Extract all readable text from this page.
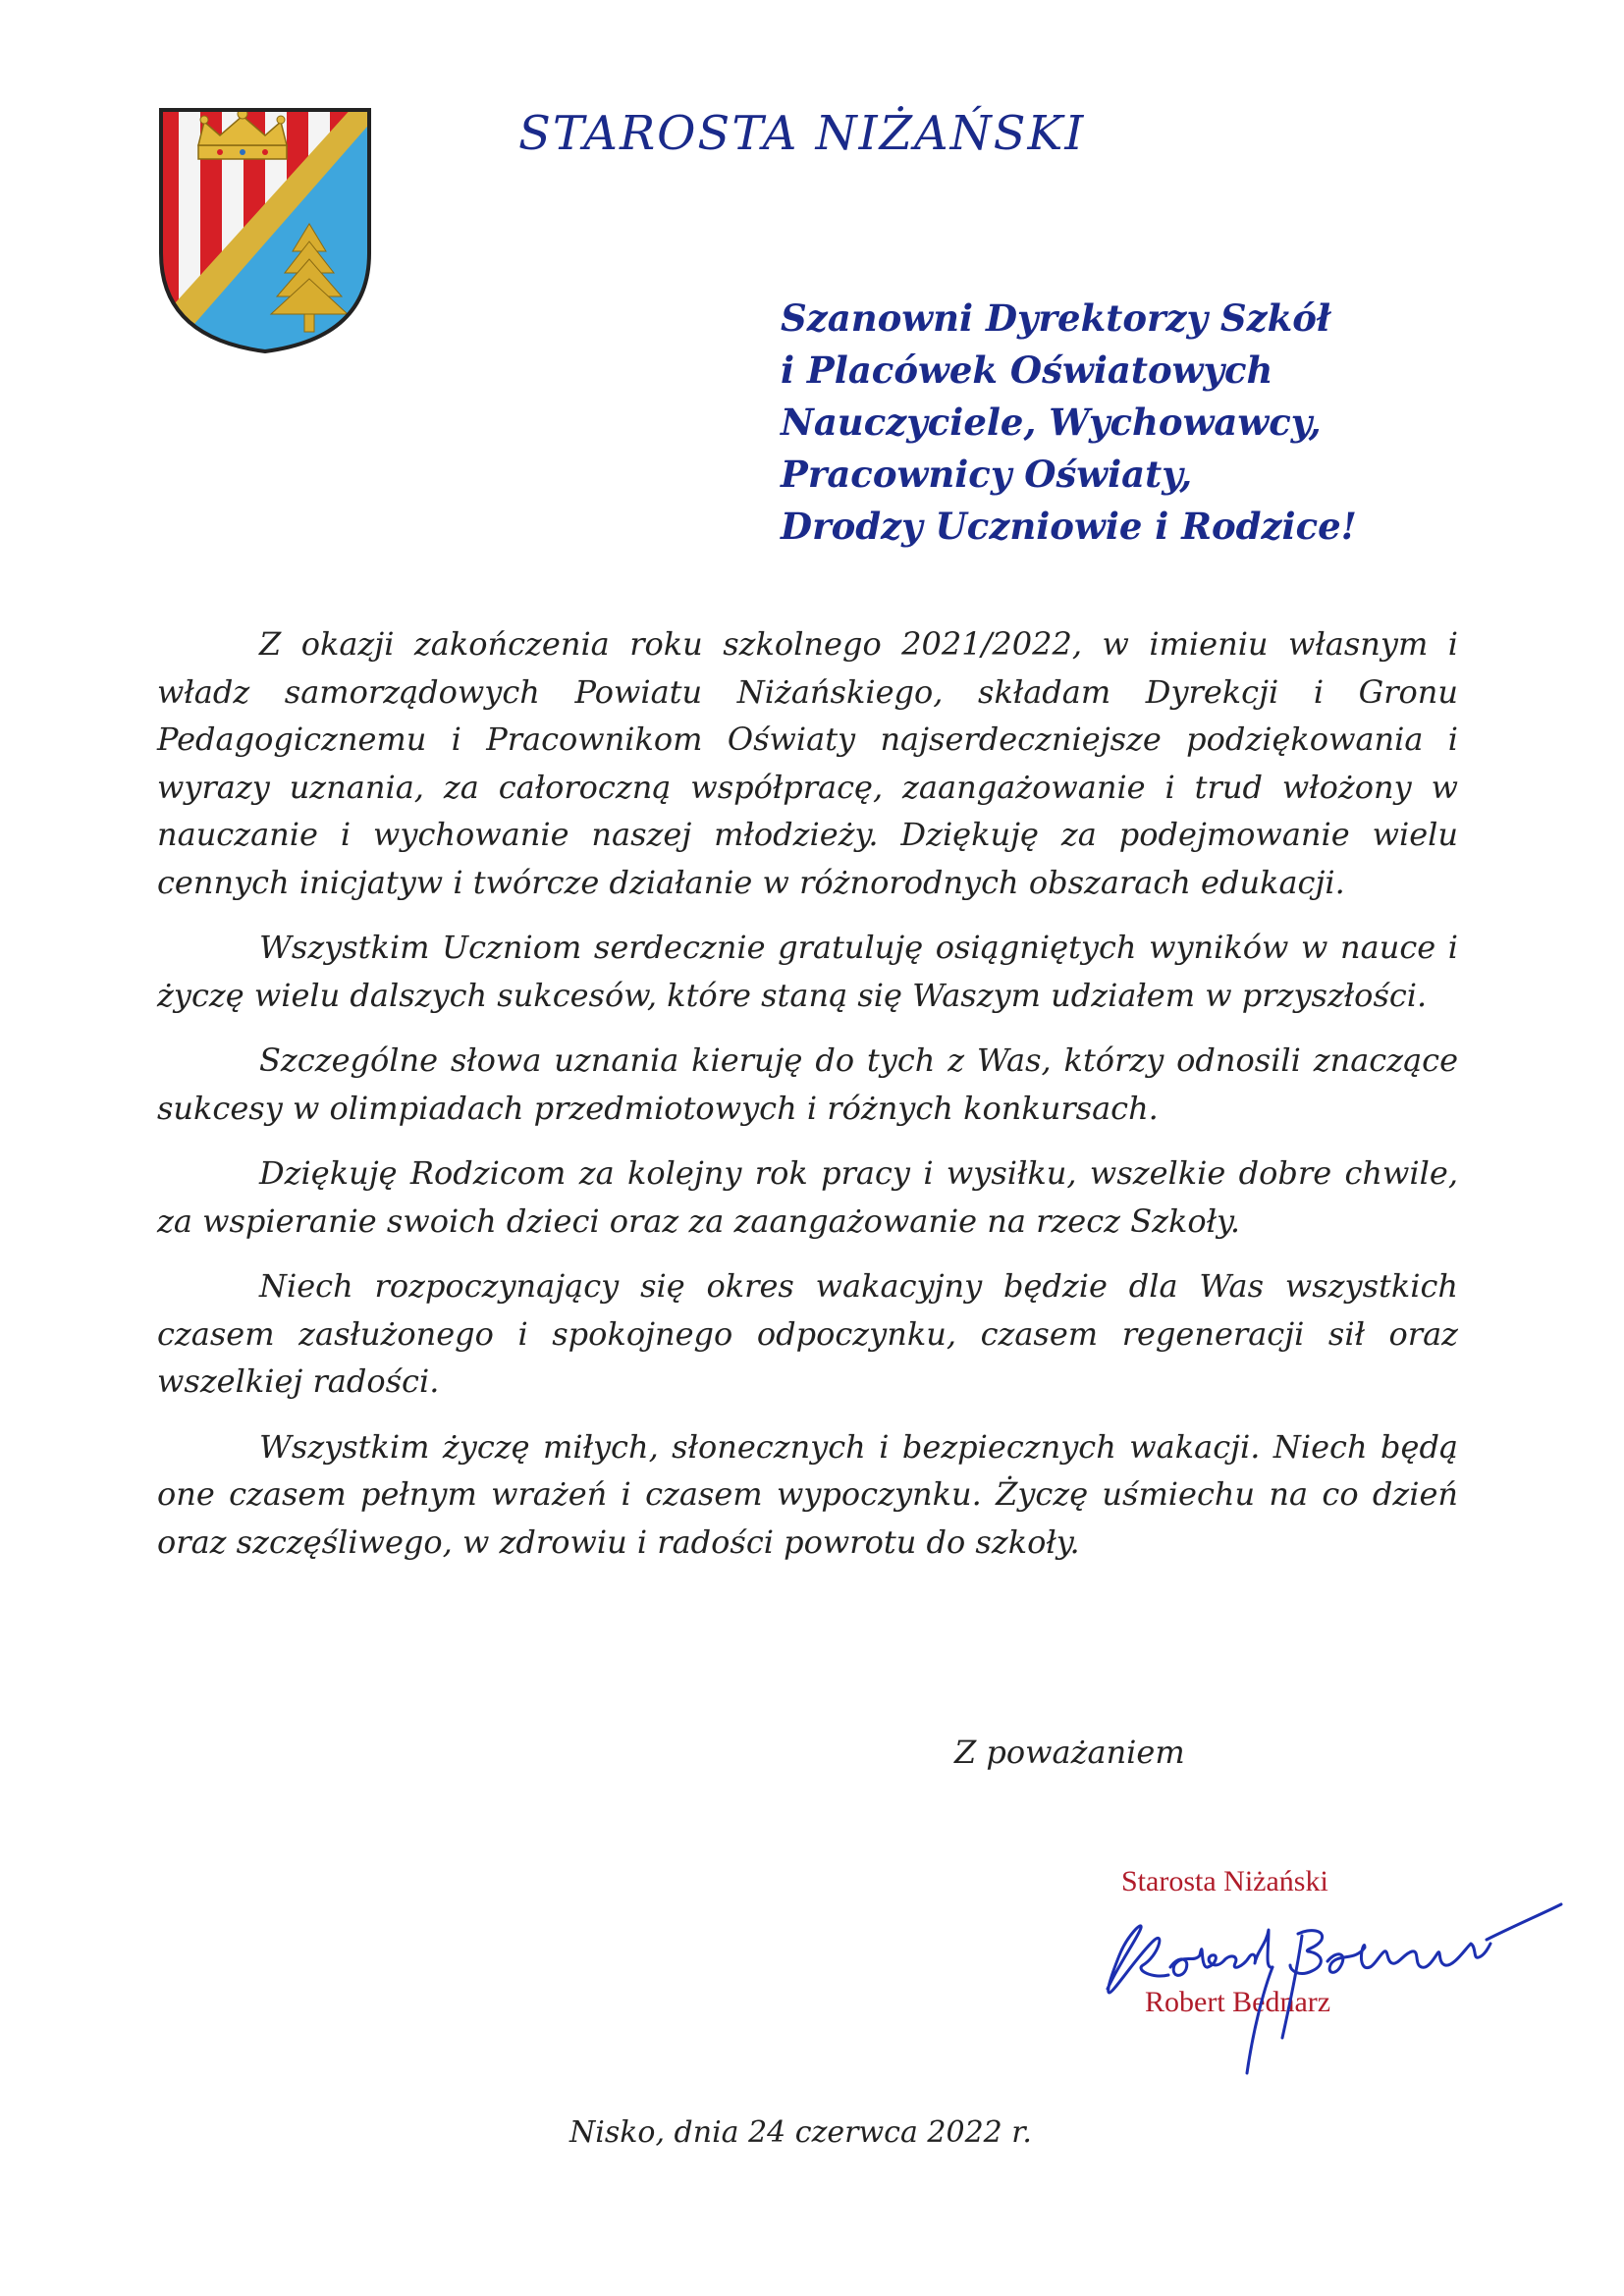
STAROSTA NIŻAŃSKI
Szanowni Dyrektorzy Szkół
i Placówek Oświatowych
Nauczyciele, Wychowawcy,
Pracownicy Oświaty,
Drodzy Uczniowie i Rodzice!

Z okazji zakończenia roku szkolnego 2021/2022, w imieniu własnym i władz samorządowych Powiatu Niżańskiego, składam Dyrekcji i Gronu Pedagogicznemu i Pracownikom Oświaty najserdeczniejsze podziękowania i wyrazy uznania, za całoroczną współpracę, zaangażowanie i trud włożony w nauczanie i wychowanie naszej młodzieży. Dziękuję za podejmowanie wielu cennych inicjatyw i twórcze działanie w różnorodnych obszarach edukacji.

Wszystkim Uczniom serdecznie gratuluję osiągniętych wyników w nauce i życzę wielu dalszych sukcesów, które staną się Waszym udziałem w przyszłości.

Szczególne słowa uznania kieruję do tych z Was, którzy odnosili znaczące sukcesy w olimpiadach przedmiotowych i różnych konkursach.

Dziękuję Rodzicom za kolejny rok pracy i wysiłku, wszelkie dobre chwile, za wspieranie swoich dzieci oraz za zaangażowanie na rzecz Szkoły.

Niech rozpoczynający się okres wakacyjny będzie dla Was wszystkich czasem zasłużonego i spokojnego odpoczynku, czasem regeneracji sił oraz wszelkiej radości.

Wszystkim życzę miłych, słonecznych i bezpiecznych wakacji. Niech będą one czasem pełnym wrażeń i czasem wypoczynku. Życzę uśmiechu na co dzień oraz szczęśliwego, w zdrowiu i radości powrotu do szkoły.

Z poważaniem
Starosta Niżański
Robert Bednarz
Nisko, dnia 24 czerwca 2022 r.
